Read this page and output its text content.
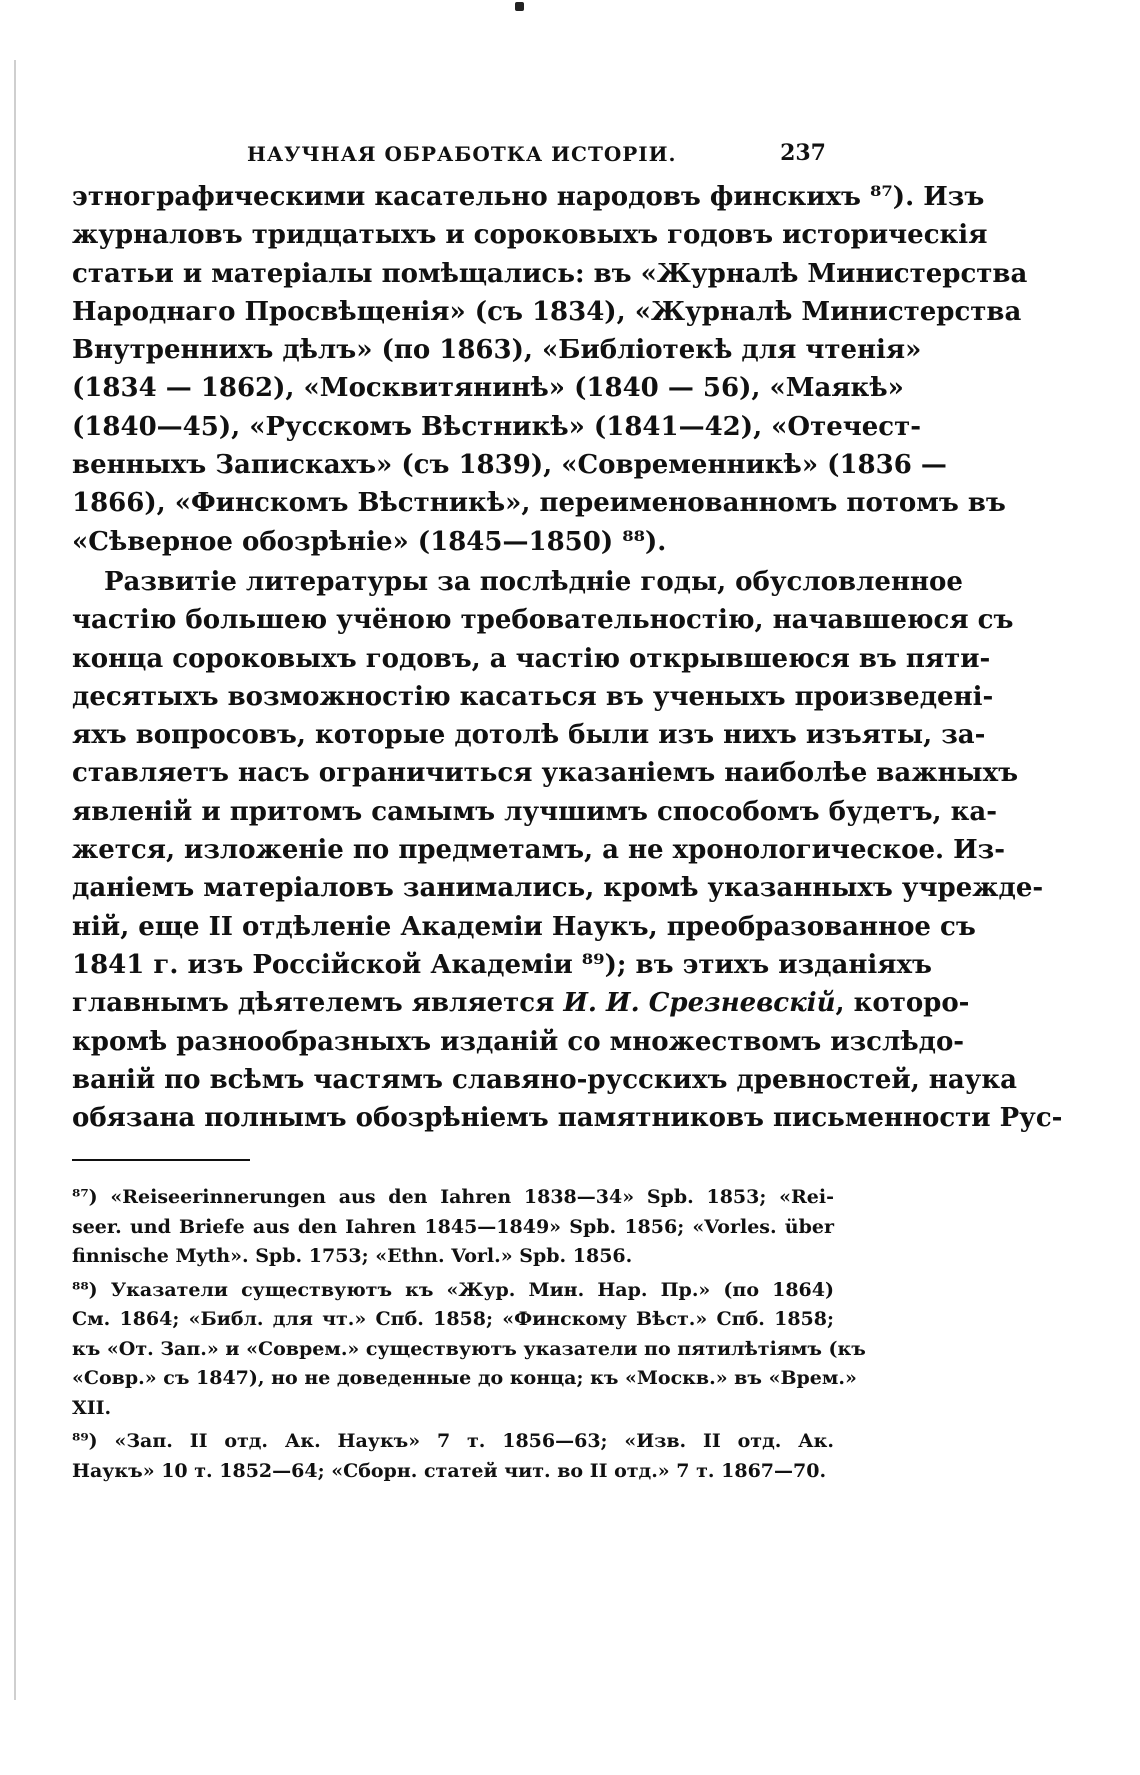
НАУЧНАЯ ОБРАБОТКА ИСТОРІИ.	237
этнографическими касательно народовъ финскихъ ⁸⁷). Изъ
журналовъ тридцатыхъ и сороковыхъ годовъ историческія
статьи и матеріалы помѣщались: въ «Журналѣ Министерства
Народнаго Просвѣщенія» (съ 1834), «Журналѣ Министерства
Внутреннихъ дѣлъ» (по 1863), «Библіотекѣ для чтенія»
(1834 — 1862), «Москвитянинѣ» (1840 — 56), «Маякѣ»
(1840—45), «Русскомъ Вѣстникѣ» (1841—42), «Отечест-
венныхъ Запискахъ» (съ 1839), «Современникѣ» (1836 —
1866), «Финскомъ Вѣстникѣ», переименованномъ потомъ въ
«Сѣверное обозрѣніе» (1845—1850) ⁸⁸).
Развитіе литературы за послѣдніе годы, обусловленное
частію большею учёною требовательностію, начавшеюся съ
конца сороковыхъ годовъ, а частію открывшеюся въ пяти-
десятыхъ возможностію касаться въ ученыхъ произведені-
яхъ вопросовъ, которые дотолѣ были изъ нихъ изъяты, за-
ставляетъ насъ ограничиться указаніемъ наиболѣе важныхъ
явленій и притомъ самымъ лучшимъ способомъ будетъ, ка-
жется, изложеніе по предметамъ, а не хронологическое. Из-
даніемъ матеріаловъ занимались, кромѣ указанныхъ учрежде-
ній, еще II отдѣленіе Академіи Наукъ, преобразованное съ
1841 г. изъ Россійской Академіи ⁸⁹); въ этихъ изданіяхъ
главнымъ дѣятелемъ является И. И. Срезневскій, которо-
кромѣ разнообразныхъ изданій со множествомъ изслѣдо-
ваній по всѣмъ частямъ славяно-русскихъ древностей, наука
обязана полнымъ обозрѣніемъ памятниковъ письменности Рус-
⁸⁷) «Reiseerinnerungen aus den Iahren 1838—34» Spb. 1853; «Rei-
seer. und Briefe aus den Iahren 1845—1849» Spb. 1856; «Vorles. über
finnische Myth». Spb. 1753; «Ethn. Vorl.» Spb. 1856.
⁸⁸) Указатели существуютъ къ «Жур. Мин. Нар. Пр.» (по 1864)
См. 1864; «Библ. для чт.» Спб. 1858; «Финскому Вѣст.» Спб. 1858;
къ «От. Зап.» и «Соврем.» существуютъ указатели по пятилѣтіямъ (къ
«Совр.» съ 1847), но не доведенные до конца; къ «Москв.» въ «Врем.»
XII.
⁸⁹) «Зап. II отд. Ак. Наукъ» 7 т. 1856—63; «Изв. II отд. Ак.
Наукъ» 10 т. 1852—64; «Сборн. статей чит. во II отд.» 7 т. 1867—70.
